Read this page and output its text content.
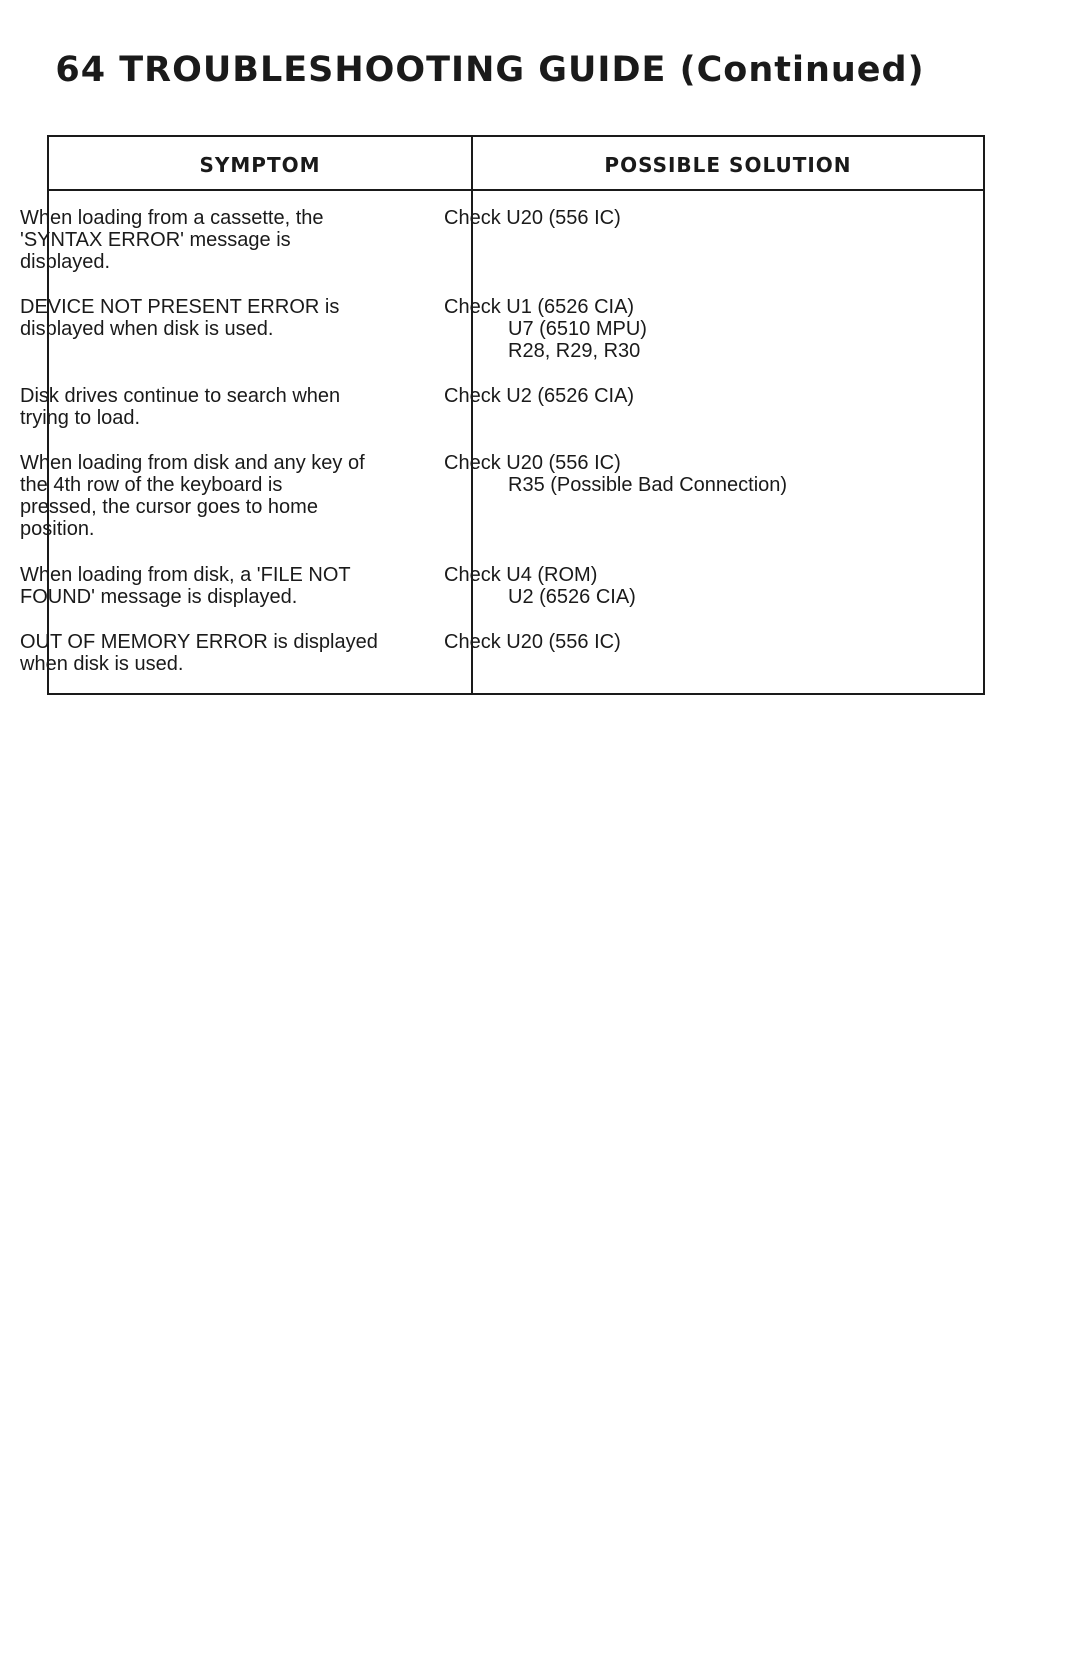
64 TROUBLESHOOTING GUIDE (Continued)
SYMPTOM	POSSIBLE SOLUTION
When loading from a cassette, the
'SYNTAX ERROR' message is
displayed.
Check U20 (556 IC)
DEVICE NOT PRESENT ERROR is
displayed when disk is used.
Check U1 (6526 CIA)
U7 (6510 MPU)
R28, R29, R30
Disk drives continue to search when
trying to load.
Check U2 (6526 CIA)
When loading from disk and any key of
the 4th row of the keyboard is
pressed, the cursor goes to home
position.
Check U20 (556 IC)
R35 (Possible Bad Connection)
When loading from disk, a 'FILE NOT
FOUND' message is displayed.
Check U4 (ROM)
U2 (6526 CIA)
OUT OF MEMORY ERROR is displayed
when disk is used.
Check U20 (556 IC)
